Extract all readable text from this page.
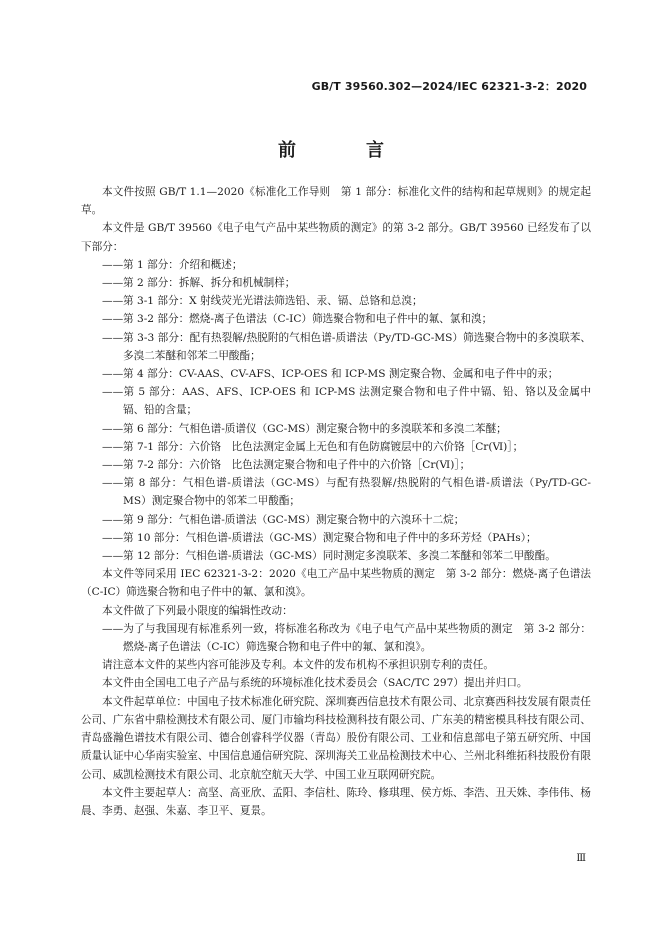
GB/T 39560.302—2024/IEC 62321-3-2：2020
前　言

本文件按照 GB/T 1.1—2020《标准化工作导则　第 1 部分：标准化文件的结构和起草规则》的规定起草。

本文件是 GB/T 39560《电子电气产品中某些物质的测定》的第 3-2 部分。GB/T 39560 已经发布了以下部分：

——第 1 部分：介绍和概述；

——第 2 部分：拆解、拆分和机械制样；

——第 3-1 部分：X 射线荧光光谱法筛选铅、汞、镉、总铬和总溴；

——第 3-2 部分：燃烧-离子色谱法（C-IC）筛选聚合物和电子件中的氟、氯和溴；

——第 3-3 部分：配有热裂解/热脱附的气相色谱-质谱法（Py/TD-GC-MS）筛选聚合物中的多溴联苯、多溴二苯醚和邻苯二甲酸酯；

——第 4 部分：CV-AAS、CV-AFS、ICP-OES 和 ICP-MS 测定聚合物、金属和电子件中的汞；

——第 5 部分：AAS、AFS、ICP-OES 和 ICP-MS 法测定聚合物和电子件中镉、铅、铬以及金属中镉、铅的含量；

——第 6 部分：气相色谱-质谱仪（GC-MS）测定聚合物中的多溴联苯和多溴二苯醚；

——第 7-1 部分：六价铬　比色法测定金属上无色和有色防腐镀层中的六价铬［Cr(Ⅵ)］；

——第 7-2 部分：六价铬　比色法测定聚合物和电子件中的六价铬［Cr(Ⅵ)］；

——第 8 部分：气相色谱-质谱法（GC-MS）与配有热裂解/热脱附的气相色谱-质谱法（Py/TD-GC-MS）测定聚合物中的邻苯二甲酸酯；

——第 9 部分：气相色谱-质谱法（GC-MS）测定聚合物中的六溴环十二烷；

——第 10 部分：气相色谱-质谱法（GC-MS）测定聚合物和电子件中的多环芳烃（PAHs）；

——第 12 部分：气相色谱-质谱法（GC-MS）同时测定多溴联苯、多溴二苯醚和邻苯二甲酸酯。

本文件等同采用 IEC 62321-3-2：2020《电工产品中某些物质的测定　第 3-2 部分：燃烧-离子色谱法（C-IC）筛选聚合物和电子件中的氟、氯和溴》。

本文件做了下列最小限度的编辑性改动：

——为了与我国现有标准系列一致，将标准名称改为《电子电气产品中某些物质的测定　第 3-2 部分：燃烧-离子色谱法（C-IC）筛选聚合物和电子件中的氟、氯和溴》。

请注意本文件的某些内容可能涉及专利。本文件的发布机构不承担识别专利的责任。

本文件由全国电工电子产品与系统的环境标准化技术委员会（SAC/TC 297）提出并归口。

本文件起草单位：中国电子技术标准化研究院、深圳赛西信息技术有限公司、北京赛西科技发展有限责任公司、广东省中鼎检测技术有限公司、厦门市输均科技检测科技有限公司、广东美的精密模具科技有限公司、青岛盛瀚色谱技术有限公司、德合创睿科学仪器（青岛）股份有限公司、工业和信息部电子第五研究所、中国质量认证中心华南实验室、中国信息通信研究院、深圳海关工业品检测技术中心、兰州北科维拓科技股份有限公司、威凯检测技术有限公司、北京航空航天大学、中国工业互联网研究院。

本文件主要起草人：高坚、高亚欣、孟阳、李信杜、陈玲、修琪理、侯方烁、李浩、丑天姝、李伟伟、杨晨、李勇、赵强、朱嘉、李卫平、夏景。

Ⅲ
